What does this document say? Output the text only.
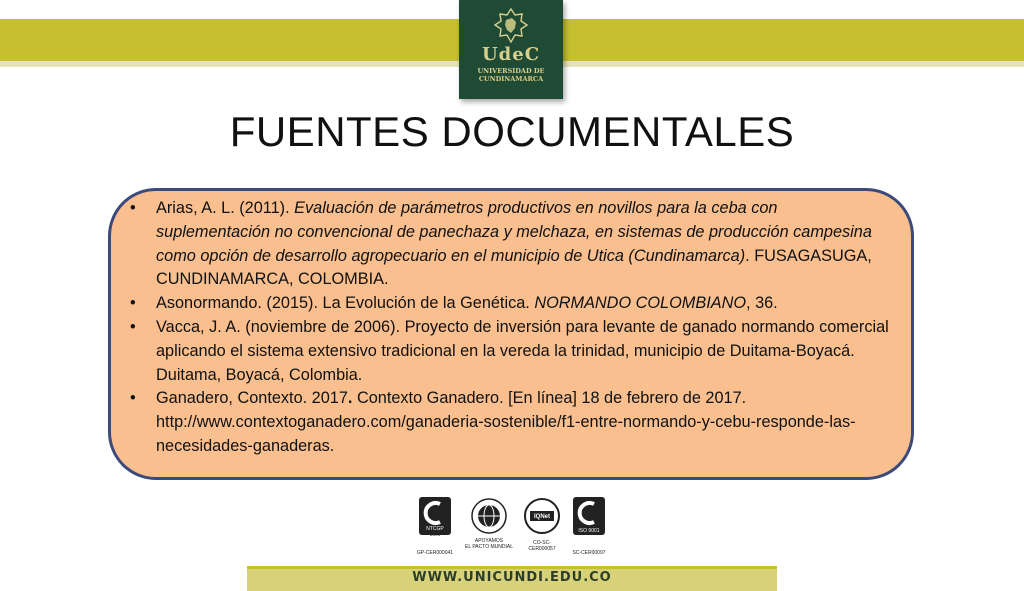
UdeC
UNIVERSIDAD DE
CUNDINAMARCA
FUENTES DOCUMENTALES
• Arias, A. L. (2011). Evaluación de parámetros productivos en novillos para la ceba con suplementación no convencional de panechaza y melchaza, en sistemas de producción campesina como opción de desarrollo agropecuario en el municipio de Utica (Cundinamarca). FUSAGASUGA, CUNDINAMARCA, COLOMBIA.
• Asonormando. (2015). La Evolución de la Genética. NORMANDO COLOMBIANO, 36.
• Vacca, J. A. (noviembre de 2006). Proyecto de inversión para levante de ganado normando comercial aplicando el sistema extensivo tradicional en la vereda la trinidad, municipio de Duitama-Boyacá. Duitama, Boyacá, Colombia.
• Ganadero, Contexto. 2017. Contexto Ganadero. [En línea] 18 de febrero de 2017. http://www.contextoganadero.com/ganaderia-sostenible/f1-entre-normando-y-cebu-responde-las-necesidades-ganaderas.
NTCGP
1000
GP-CER000041
APOYAMOS
EL PACTO MUNDIAL
IQNet
CO-SC-CER000057
ISO 9001
SC-CER00097
WWW.UNICUNDI.EDU.CO
